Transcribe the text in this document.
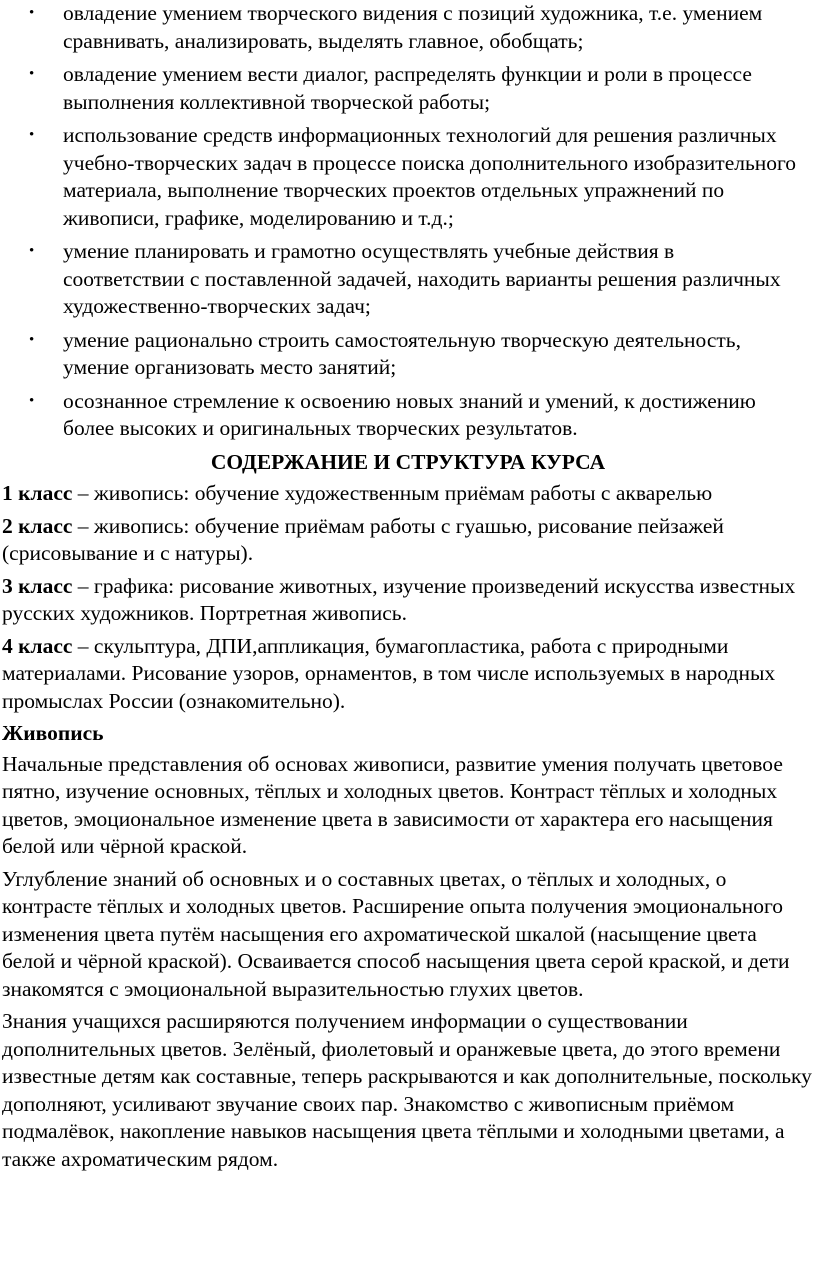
• овладение умением творческого видения с позиций художника, т.е. умением сравнивать, анализировать, выделять главное, обобщать;
• овладение умением вести диалог, распределять функции и роли в процессе выполнения коллективной творческой работы;
• использование средств информационных технологий для решения различных учебно-творческих задач в процессе поиска дополнительного изобразительного материала, выполнение творческих проектов отдельных упражнений по живописи, графике, моделированию и т.д.;
• умение планировать и грамотно осуществлять учебные действия в соответствии с поставленной задачей, находить варианты решения различных художественно-творческих задач;
• умение рационально строить самостоятельную творческую деятельность, умение организовать место занятий;
• осознанное стремление к освоению новых знаний и умений, к достижению более высоких и оригинальных творческих результатов.
СОДЕРЖАНИЕ И СТРУКТУРА КУРСА
1 класс – живопись: обучение художественным приёмам работы с акварелью
2 класс – живопись: обучение приёмам работы с гуашью, рисование пейзажей (срисовывание и с натуры).
3 класс – графика: рисование животных, изучение произведений искусства известных русских художников. Портретная живопись.
4 класс – скульптура, ДПИ,аппликация, бумагопластика, работа с природными материалами. Рисование узоров, орнаментов, в том числе используемых в народных промыслах России (ознакомительно).
Живопись
Начальные представления об основах живописи, развитие умения получать цветовое пятно, изучение основных, тёплых и холодных цветов. Контраст тёплых и холодных цветов, эмоциональное изменение цвета в зависимости от характера его насыщения белой или чёрной краской.
Углубление знаний об основных и о составных цветах, о тёплых и холодных, о контрасте тёплых и холодных цветов. Расширение опыта получения эмоционального изменения цвета путём насыщения его ахроматической шкалой (насыщение цвета белой и чёрной краской). Осваивается способ насыщения цвета серой краской, и дети знакомятся с эмоциональной выразительностью глухих цветов.
Знания учащихся расширяются получением информации о существовании дополнительных цветов. Зелёный, фиолетовый и оранжевые цвета, до этого времени известные детям как составные, теперь раскрываются и как дополнительные, поскольку дополняют, усиливают звучание своих пар. Знакомство с живописным приёмом подмалёвок, накопление навыков насыщения цвета тёплыми и холодными цветами, а также ахроматическим рядом.
